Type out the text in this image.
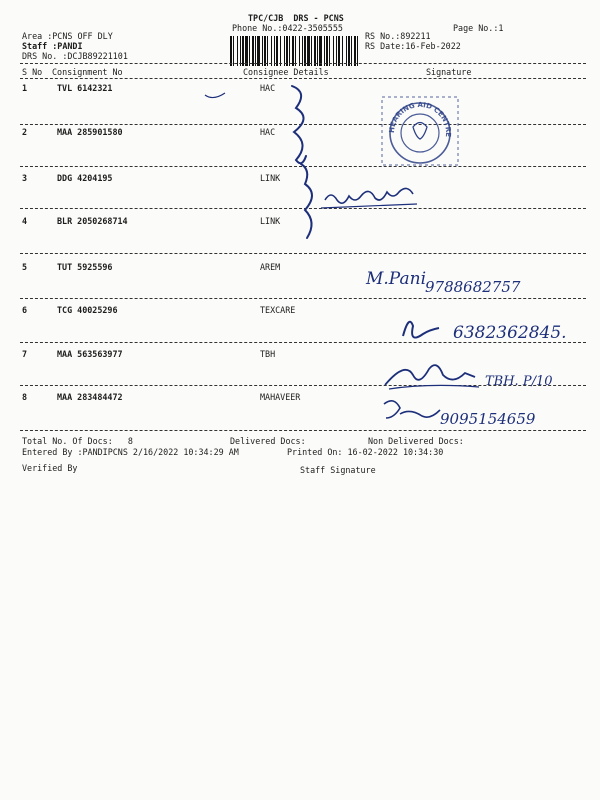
TPC/CJB  DRS - PCNS
Phone No.:0422-3505555	Page No.:1
Area :PCNS OFF DLY
Staff :PANDI
DRS No. :DCJB89221101
RS No.:892211
RS Date:16-Feb-2022
S No Consignment No	Consignee Details	Signature
1	TVL 6142321	HAC
2	MAA 285901580	HAC
3	DDG 4204195	LINK
4	BLR 2050268714	LINK
5	TUT 5925596	AREM
6	TCG 40025296	TEXCARE
7	MAA 563563977	TBH
8	MAA 283484472	MAHAVEER
Total No. Of Docs:   8	Delivered Docs:	Non Delivered Docs:
Entered By :PANDIPCNS 2/16/2022 10:34:29 AM	Printed On: 16-02-2022 10:34:30
Verified By	Staff Signature
HEARING AID CENTRE
M.Pani
9788682757
6382362845.
TBH. P/10
9095154659
